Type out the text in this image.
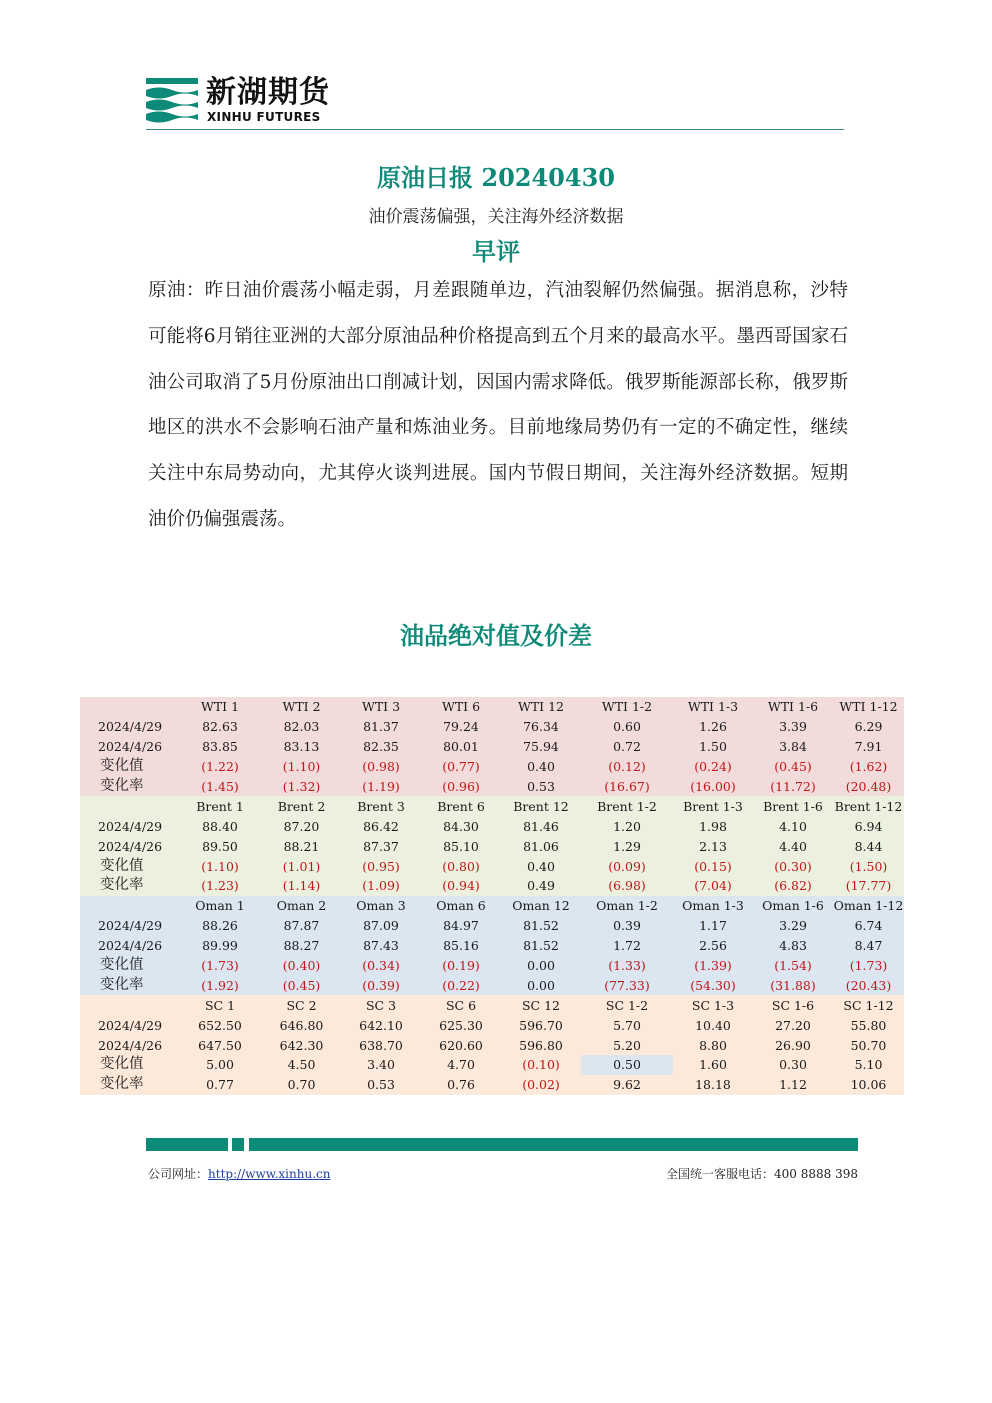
新湖期货
XINHU FUTURES
原油日报 20240430
油价震荡偏强，关注海外经济数据
早评
原油：昨日油价震荡小幅走弱，月差跟随单边，汽油裂解仍然偏强。据消息称，沙特可能将6月销往亚洲的大部分原油品种价格提高到五个月来的最高水平。墨西哥国家石油公司取消了5月份原油出口削减计划，因国内需求降低。俄罗斯能源部长称，俄罗斯地区的洪水不会影响石油产量和炼油业务。目前地缘局势仍有一定的不确定性，继续关注中东局势动向，尤其停火谈判进展。国内节假日期间，关注海外经济数据。短期油价仍偏强震荡。
油品绝对值及价差
	WTI 1	WTI 2	WTI 3	WTI 6	WTI 12	WTI 1-2	WTI 1-3	WTI 1-6	WTI 1-12
2024/4/29	82.63	82.03	81.37	79.24	76.34	0.60	1.26	3.39	6.29
2024/4/26	83.85	83.13	82.35	80.01	75.94	0.72	1.50	3.84	7.91
变化值	(1.22)	(1.10)	(0.98)	(0.77)	0.40	(0.12)	(0.24)	(0.45)	(1.62)
变化率	(1.45)	(1.32)	(1.19)	(0.96)	0.53	(16.67)	(16.00)	(11.72)	(20.48)
	Brent 1	Brent 2	Brent 3	Brent 6	Brent 12	Brent 1-2	Brent 1-3	Brent 1-6	Brent 1-12
2024/4/29	88.40	87.20	86.42	84.30	81.46	1.20	1.98	4.10	6.94
2024/4/26	89.50	88.21	87.37	85.10	81.06	1.29	2.13	4.40	8.44
变化值	(1.10)	(1.01)	(0.95)	(0.80)	0.40	(0.09)	(0.15)	(0.30)	(1.50)
变化率	(1.23)	(1.14)	(1.09)	(0.94)	0.49	(6.98)	(7.04)	(6.82)	(17.77)
	Oman 1	Oman 2	Oman 3	Oman 6	Oman 12	Oman 1-2	Oman 1-3	Oman 1-6	Oman 1-12
2024/4/29	88.26	87.87	87.09	84.97	81.52	0.39	1.17	3.29	6.74
2024/4/26	89.99	88.27	87.43	85.16	81.52	1.72	2.56	4.83	8.47
变化值	(1.73)	(0.40)	(0.34)	(0.19)	0.00	(1.33)	(1.39)	(1.54)	(1.73)
变化率	(1.92)	(0.45)	(0.39)	(0.22)	0.00	(77.33)	(54.30)	(31.88)	(20.43)
	SC 1	SC 2	SC 3	SC 6	SC 12	SC 1-2	SC 1-3	SC 1-6	SC 1-12
2024/4/29	652.50	646.80	642.10	625.30	596.70	5.70	10.40	27.20	55.80
2024/4/26	647.50	642.30	638.70	620.60	596.80	5.20	8.80	26.90	50.70
变化值	5.00	4.50	3.40	4.70	(0.10)	0.50	1.60	0.30	5.10
变化率	0.77	0.70	0.53	0.76	(0.02)	9.62	18.18	1.12	10.06
公司网址：http://www.xinhu.cn	全国统一客服电话：400 8888 398
